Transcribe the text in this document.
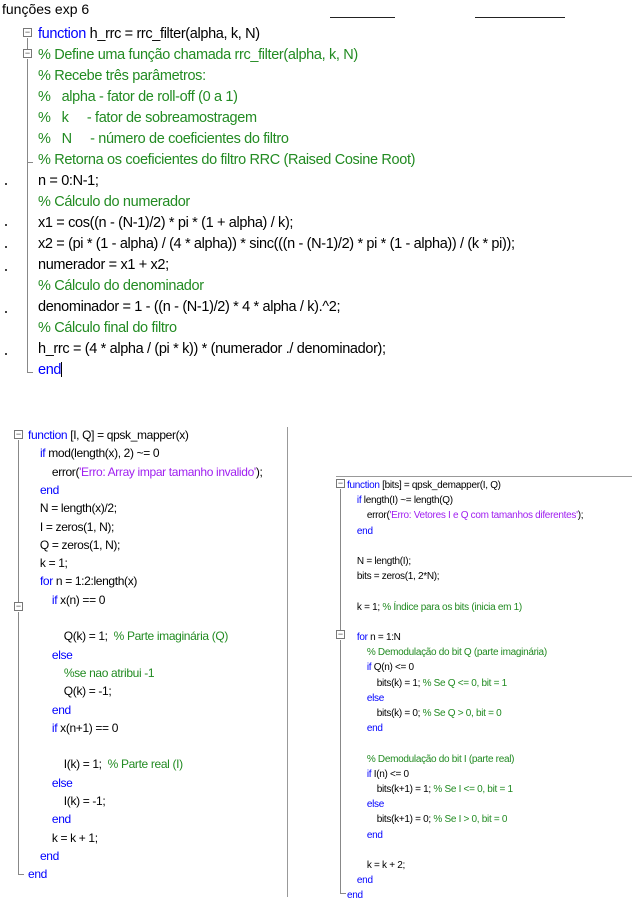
funções exp 6
−
−
function h_rrc = rrc_filter(alpha, k, N)
% Define uma função chamada rrc_filter(alpha, k, N)
% Recebe três parâmetros:
%   alpha - fator de roll-off (0 a 1)
%   k     - fator de sobreamostragem
%   N     - número de coeficientes do filtro
% Retorna os coeficientes do filtro RRC (Raised Cosine Root)
n = 0:N-1;
% Cálculo do numerador
x1 = cos((n - (N-1)/2) * pi * (1 + alpha) / k);
x2 = (pi * (1 - alpha) / (4 * alpha)) * sinc(((n - (N-1)/2) * pi * (1 - alpha)) / (k * pi));
numerador = x1 + x2;
% Cálculo do denominador
denominador = 1 - ((n - (N-1)/2) * 4 * alpha / k).^2;
% Cálculo final do filtro
h_rrc = (4 * alpha / (pi * k)) * (numerador ./ denominador);
end
−
−
function [I, Q] = qpsk_mapper(x)
if mod(length(x), 2) ~= 0
error('Erro: Array impar tamanho invalido');
end
N = length(x)/2;
I = zeros(1, N);
Q = zeros(1, N);
k = 1;
for n = 1:2:length(x)
if x(n) == 0
Q(k) = 1;  % Parte imaginária (Q)
else
%se nao atribui -1
Q(k) = -1;
end
if x(n+1) == 0
I(k) = 1;  % Parte real (I)
else
I(k) = -1;
end
k = k + 1;
end
end
−
−
function [bits] = qpsk_demapper(I, Q)
if length(I) ~= length(Q)
error('Erro: Vetores I e Q com tamanhos diferentes');
end
N = length(I);
bits = zeros(1, 2*N);
k = 1; % Índice para os bits (inicia em 1)
for n = 1:N
% Demodulação do bit Q (parte imaginária)
if Q(n) <= 0
bits(k) = 1; % Se Q <= 0, bit = 1
else
bits(k) = 0; % Se Q > 0, bit = 0
end
% Demodulação do bit I (parte real)
if I(n) <= 0
bits(k+1) = 1; % Se I <= 0, bit = 1
else
bits(k+1) = 0; % Se I > 0, bit = 0
end
k = k + 2;
end
end
